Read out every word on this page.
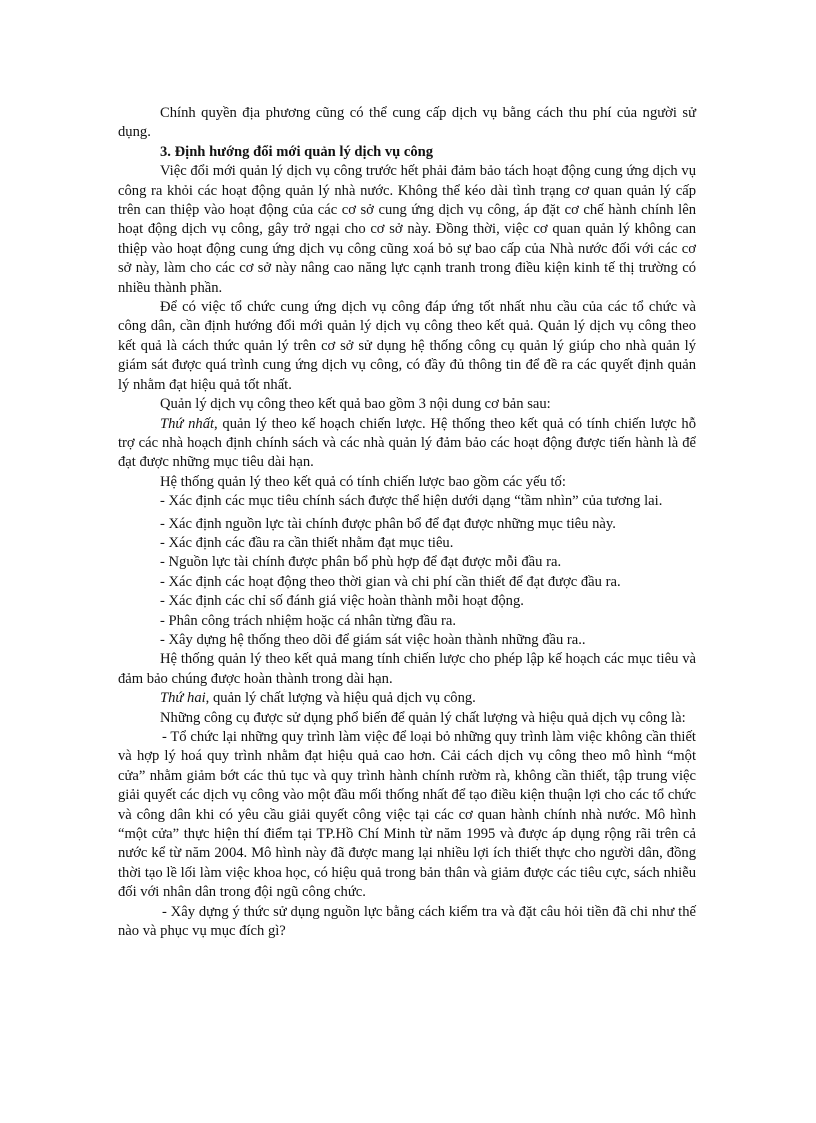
Chính quyền địa phương cũng có thể cung cấp dịch vụ bằng cách thu phí của người sử dụng.

3. Định hướng đổi mới quản lý dịch vụ công

Việc đổi mới quản lý dịch vụ công trước hết phải đảm bảo tách hoạt động cung ứng dịch vụ công ra khỏi các hoạt động quản lý nhà nước. Không thể kéo dài tình trạng cơ quan quản lý cấp trên can thiệp vào hoạt động của các cơ sở cung ứng dịch vụ công, áp đặt cơ chế hành chính lên hoạt động dịch vụ công, gây trở ngại cho cơ sở này. Đồng thời, việc cơ quan quản lý không can thiệp vào hoạt động cung ứng dịch vụ công cũng xoá bỏ sự bao cấp của Nhà nước đối với các cơ sở này, làm cho các cơ sở này nâng cao năng lực cạnh tranh trong điều kiện kinh tế thị trường có nhiều thành phần.

Để có việc tổ chức cung ứng dịch vụ công đáp ứng tốt nhất nhu cầu của các tổ chức và công dân, cần định hướng đổi mới quản lý dịch vụ công theo kết quả. Quản lý dịch vụ công theo kết quả là cách thức quản lý trên cơ sở sử dụng hệ thống công cụ quản lý giúp cho nhà quản lý giám sát được quá trình cung ứng dịch vụ công, có đầy đủ thông tin để đề ra các quyết định quản lý nhằm đạt hiệu quả tốt nhất.

Quản lý dịch vụ công theo kết quả bao gồm 3 nội dung cơ bản sau:

Thứ nhất, quản lý theo kế hoạch chiến lược. Hệ thống theo kết quả có tính chiến lược hỗ trợ các nhà hoạch định chính sách và các nhà quản lý đảm bảo các hoạt động được tiến hành là để đạt được những mục tiêu dài hạn.

Hệ thống quản lý theo kết quả có tính chiến lược bao gồm các yếu tố:

- Xác định các mục tiêu chính sách được thể hiện dưới dạng “tầm nhìn” của tương lai.

- Xác định nguồn lực tài chính được phân bổ để đạt được những mục tiêu này.

- Xác định các đầu ra cần thiết nhằm đạt mục tiêu.

- Nguồn lực tài chính được phân bổ phù hợp để đạt được mỗi đầu ra.

- Xác định các hoạt động theo thời gian và chi phí cần thiết để đạt được đầu ra.

- Xác định các chỉ số đánh giá việc hoàn thành mỗi hoạt động.

- Phân công trách nhiệm hoặc cá nhân từng đầu ra.

- Xây dựng hệ thống theo dõi để giám sát việc hoàn thành những đầu ra..

Hệ thống quản lý theo kết quả mang tính chiến lược cho phép lập kế hoạch các mục tiêu và đảm bảo chúng được hoàn thành trong dài hạn.

Thứ hai, quản lý chất lượng và hiệu quả dịch vụ công.

Những công cụ được sử dụng phổ biến để quản lý chất lượng và hiệu quả dịch vụ công là:

- Tổ chức lại những quy trình làm việc để loại bỏ những quy trình làm việc không cần thiết và hợp lý hoá quy trình nhằm đạt hiệu quả cao hơn. Cải cách dịch vụ công theo mô hình “một cửa” nhằm giảm bớt các thủ tục và quy trình hành chính rườm rà, không cần thiết, tập trung việc giải quyết các dịch vụ công vào một đầu mối thống nhất để tạo điều kiện thuận lợi cho các tổ chức và công dân khi có yêu cầu giải quyết công việc tại các cơ quan hành chính nhà nước. Mô hình “một cửa” thực hiện thí điểm tại TP.Hồ Chí Minh từ năm 1995 và được áp dụng rộng rãi trên cả nước kể từ năm 2004. Mô hình này đã được mang lại nhiều lợi ích thiết thực cho người dân, đồng thời tạo lề lối làm việc khoa học, có hiệu quả trong bản thân và giảm được các tiêu cực, sách nhiễu đối với nhân dân trong đội ngũ công chức.

- Xây dựng ý thức sử dụng nguồn lực bằng cách kiểm tra và đặt câu hỏi tiền đã chi như thế nào và phục vụ mục đích gì?
